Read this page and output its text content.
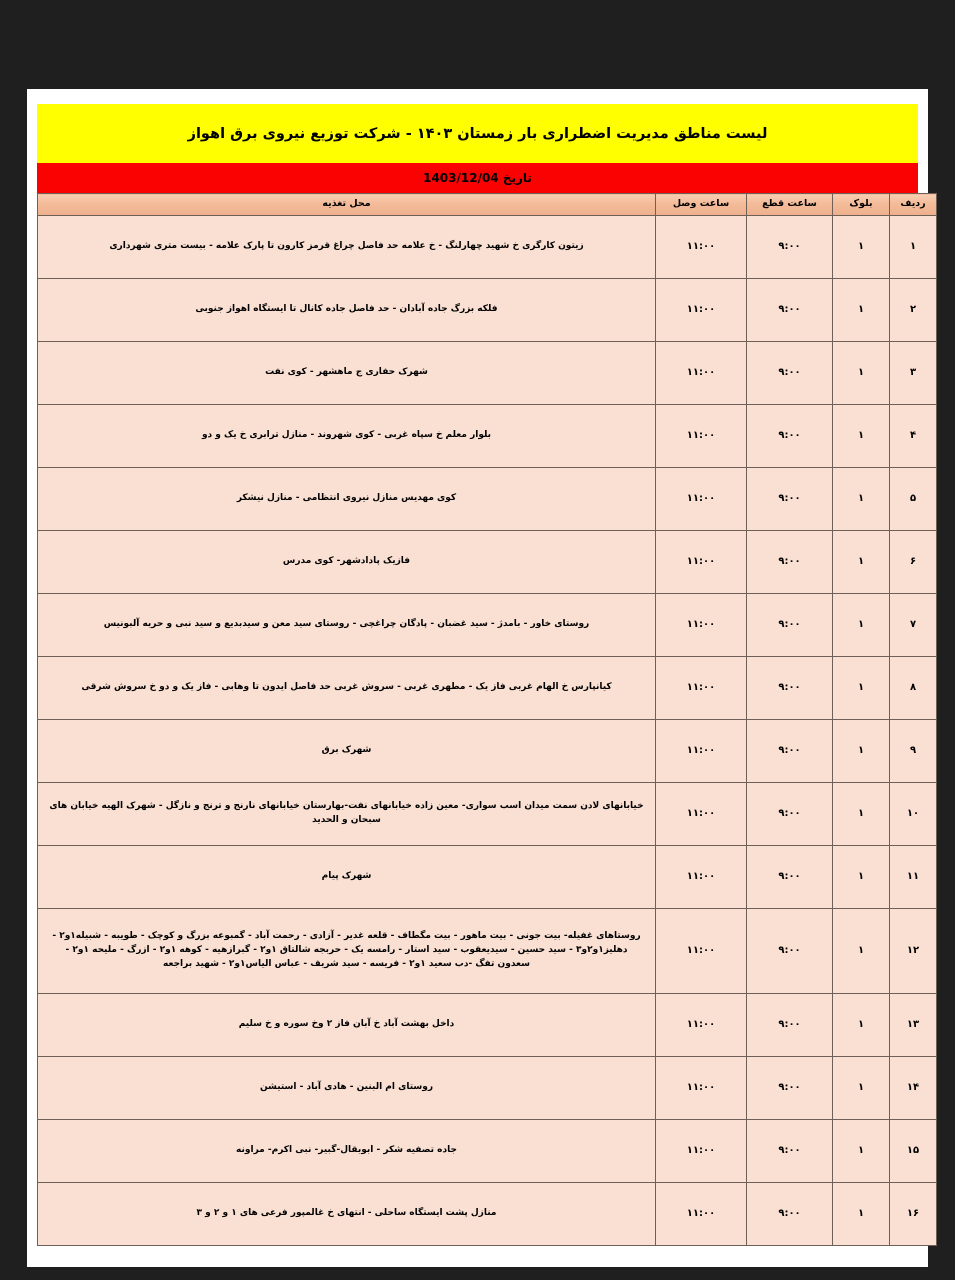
لیست مناطق مدیریت اضطراری بار زمستان ۱۴۰۳ - شرکت توزیع نیروی برق اهواز
تاریخ 1403/12/04
ردیف	بلوک	ساعت قطع	ساعت وصل	محل تغذیه
۱	۱	۹:۰۰	۱۱:۰۰	زیتون کارگری خ شهید چهارلنگ - خ علامه حد فاصل چراغ قرمز کارون تا پارک علامه - بیست متری شهرداری
۲	۱	۹:۰۰	۱۱:۰۰	فلکه بزرگ جاده آبادان - حد فاصل جاده کانال تا ایستگاه اهواز جنوبی
۳	۱	۹:۰۰	۱۱:۰۰	شهرک حفاری ج ماهشهر - کوی نفت
۴	۱	۹:۰۰	۱۱:۰۰	بلوار معلم خ سپاه غربی - کوی شهروند - منازل ترابری خ یک و دو
۵	۱	۹:۰۰	۱۱:۰۰	کوی مهدیس منازل نیروی انتظامی - منازل نیشکر
۶	۱	۹:۰۰	۱۱:۰۰	فازیک پادادشهر- کوی مدرس
۷	۱	۹:۰۰	۱۱:۰۰	روستای خاور - بامدژ - سید غضبان - پادگان چراغچی - روستای سید معن و سیدبدیع و سید نبی و حریه آلبونیس
۸	۱	۹:۰۰	۱۱:۰۰	کیانپارس خ الهام غربی فاز یک - مطهری غربی - سروش غربی حد فاصل ایدون تا وهابی - فاز یک و دو خ سروش شرقی
۹	۱	۹:۰۰	۱۱:۰۰	شهرک برق
۱۰	۱	۹:۰۰	۱۱:۰۰	خیابانهای لادن سمت میدان اسب سواری- معین زاده خیابانهای نفت-بهارستان خیابانهای نارنج و ترنج و نازگل - شهرک الهیه خیابان های سبحان و الحدید
۱۱	۱	۹:۰۰	۱۱:۰۰	شهرک پیام
۱۲	۱	۹:۰۰	۱۱:۰۰	روستاهای غفیله- بیت جونی - بیت ماهور - بیت مگطاف - قلعه غدیر - آزادی - رحمت آباد - گمبوعه بزرگ و کوچک - طویبه - شبیله۱و۲ - دهلیز۱و۲و۳ - سید حسین - سیدیعقوب - سید استار - رامسه یک - حربجه شالتاق ۱و۲ - گبرازهیه - کوهه ۱و۲ - ازرگ - ملیحه ۱و۲ - سعدون تفگ -دب سعید ۱و۲ - فریسه - سید شریف - عباس الیاس۱و۲ - شهید براجعه
۱۳	۱	۹:۰۰	۱۱:۰۰	داخل بهشت آباد خ آبان فاز ۲ وخ سوره و خ سلیم
۱۴	۱	۹:۰۰	۱۱:۰۰	روستای ام البنین - هادی آباد - استیشن
۱۵	۱	۹:۰۰	۱۱:۰۰	جاده تصفیه شکر - ابوبقال-گبیر- نبی اکرم- مراونه
۱۶	۱	۹:۰۰	۱۱:۰۰	منازل پشت ایستگاه ساحلی - انتهای خ غالمپور فرعی های ۱ و ۲ و ۳
